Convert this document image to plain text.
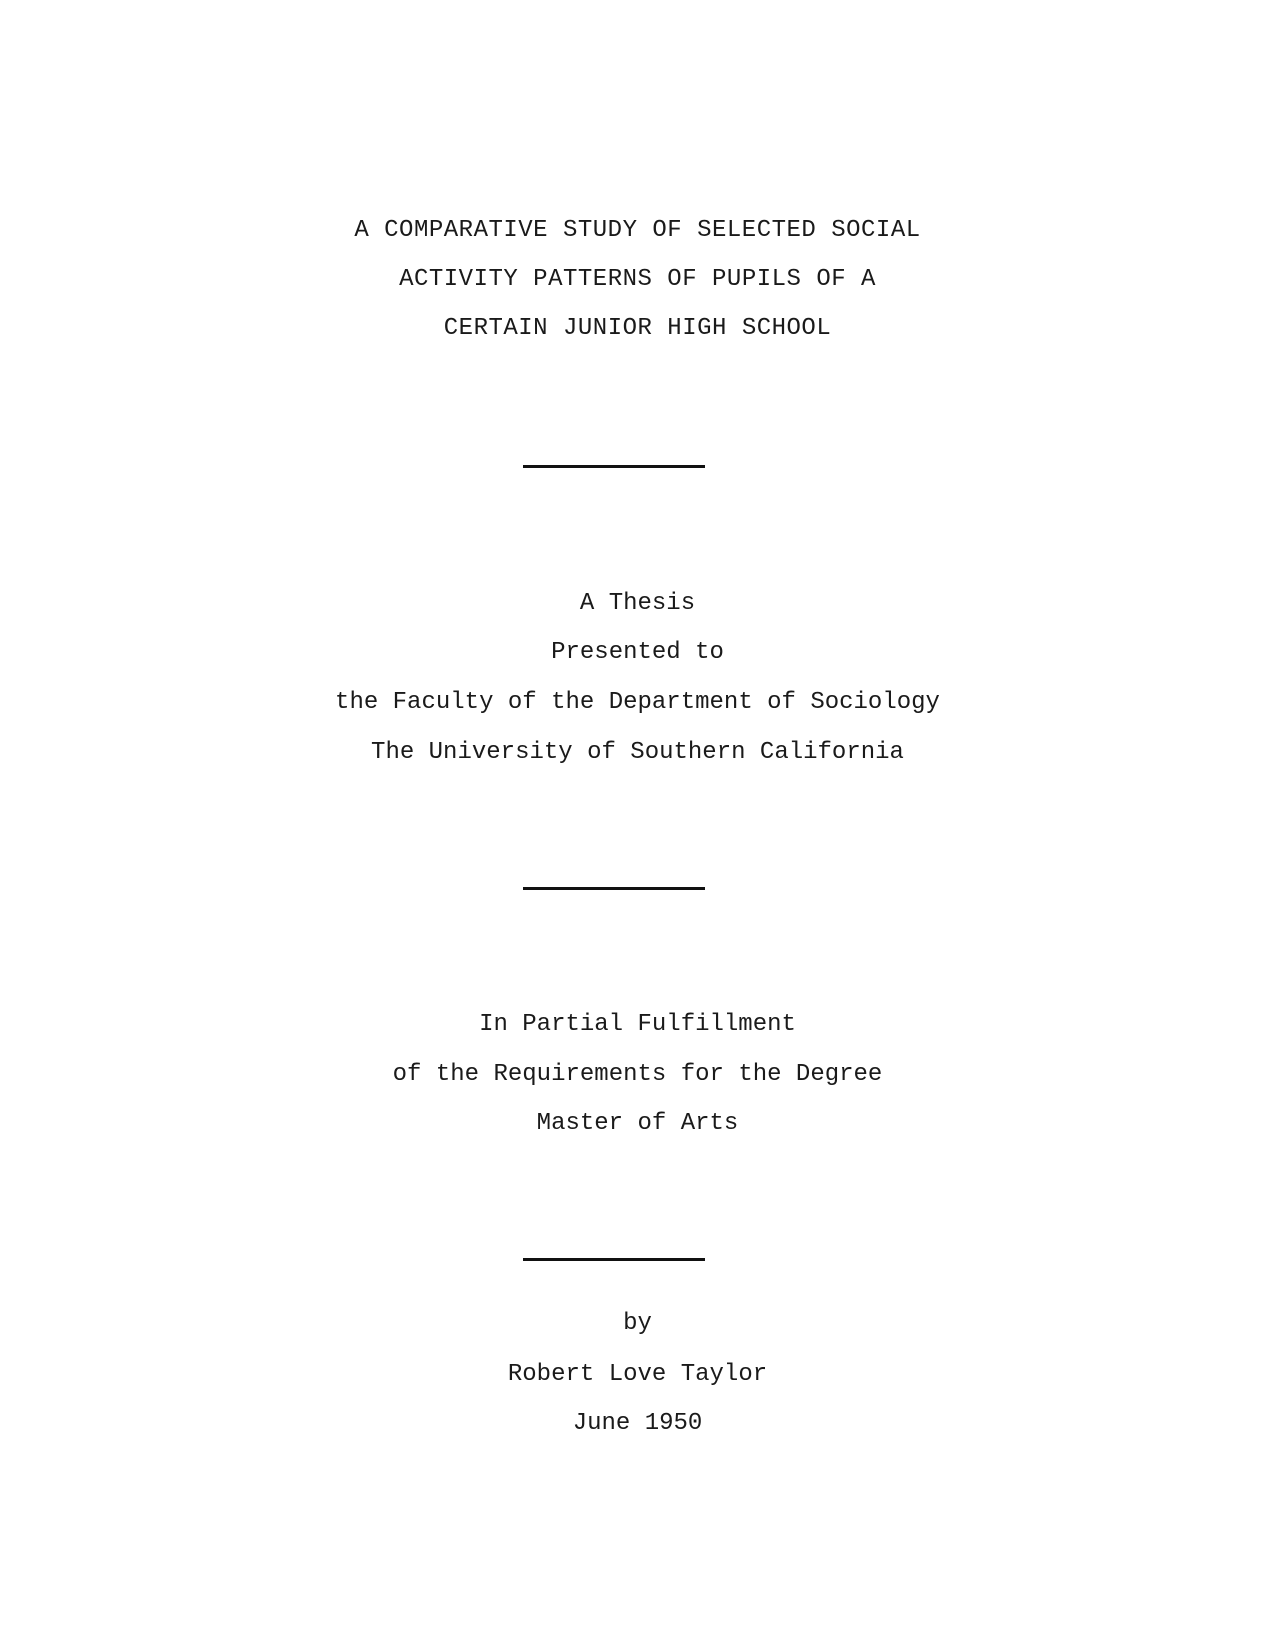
A COMPARATIVE STUDY OF SELECTED SOCIAL
ACTIVITY PATTERNS OF PUPILS OF A
CERTAIN JUNIOR HIGH SCHOOL
A Thesis
Presented to
the Faculty of the Department of Sociology
The University of Southern California
In Partial Fulfillment
of the Requirements for the Degree
Master of Arts
by
Robert Love Taylor
June 1950
